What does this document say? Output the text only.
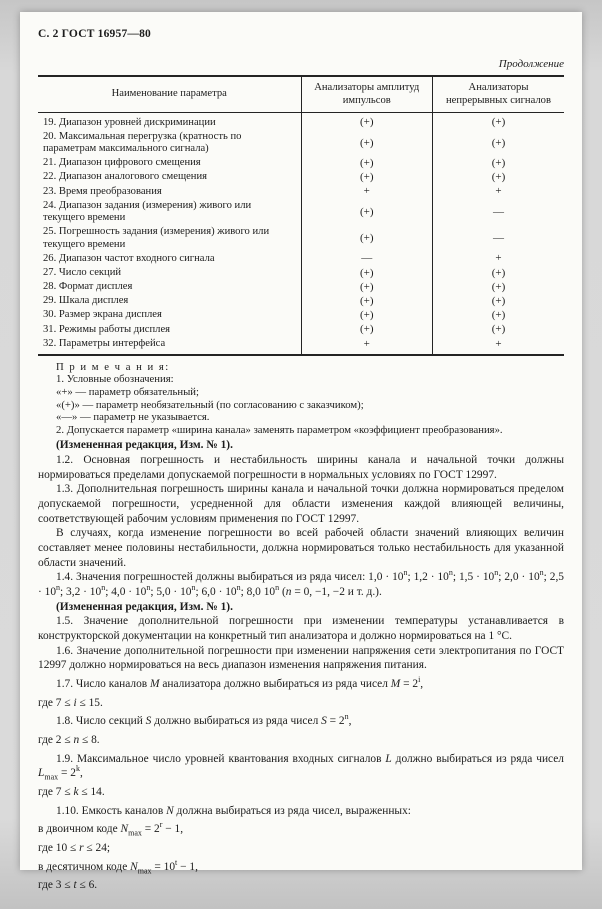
С. 2 ГОСТ 16957—80
Продолжение
Наименование параметра	Анализаторы амплитуд импульсов	Анализаторы непрерывных сигналов
19. Диапазон уровней дискриминации	(+)	(+)
20. Максимальная перегрузка (кратность по параметрам максимального сигнала)	(+)	(+)
21. Диапазон цифрового смещения	(+)	(+)
22. Диапазон аналогового смещения	(+)	(+)
23. Время преобразования	+	+
24. Диапазон задания (измерения) живого или текущего времени	(+)	—
25. Погрешность задания (измерения) живого или текущего времени	(+)	—
26. Диапазон частот входного сигнала	—	+
27. Число секций	(+)	(+)
28. Формат дисплея	(+)	(+)
29. Шкала дисплея	(+)	(+)
30. Размер экрана дисплея	(+)	(+)
31. Режимы работы дисплея	(+)	(+)
32. Параметры интерфейса	+	+

П р и м е ч а н и я:

1. Условные обозначения:

«+» — параметр обязательный;

«(+)» — параметр необязательный (по согласованию с заказчиком);

«—» — параметр не указывается.

2. Допускается параметр «ширина канала» заменять параметром «коэффициент преобразования».

(Измененная редакция, Изм. № 1).

1.2. Основная погрешность и нестабильность ширины канала и начальной точки должны нормироваться пределами допускаемой погрешности в нормальных условиях по ГОСТ 12997.

1.3. Дополнительная погрешность ширины канала и начальной точки должна нормироваться пределом допускаемой погрешности, усредненной для области изменения каждой влияющей величины, соответствующей рабочим условиям применения по ГОСТ 12997.

В случаях, когда изменение погрешности во всей рабочей области значений влияющих величин составляет менее половины нестабильности, должна нормироваться только нестабильность для указанной области значений.

1.4. Значения погрешностей должны выбираться из ряда чисел: $1,0 \cdot 10^n$; $1,2 \cdot 10^n$; $1,5 \cdot 10^n$; $2,0 \cdot 10^n$; $2,5 \cdot 10^n$; $3,2 \cdot 10^n$; $4,0 \cdot 10^n$; $5,0 \cdot 10^n$; $6,0 \cdot 10^n$; 8,0 10$^n$ (n = 0, −1, −2 и т. д.).

(Измененная редакция, Изм. № 1).

1.5. Значение дополнительной погрешности при изменении температуры устанавливается в конструкторской документации на конкретный тип анализатора и должно нормироваться на 1 °С.

1.6. Значение дополнительной погрешности при изменении напряжения сети электропитания по ГОСТ 12997 должно нормироваться на весь диапазон изменения напряжения питания.

1.7. Число каналов M анализатора должно выбираться из ряда чисел $M = 2^i$,

где 7 ≤ i ≤ 15.

1.8. Число секций S должно выбираться из ряда чисел $S = 2^n$,

где 2 ≤ n ≤ 8.

1.9. Максимальное число уровней квантования входных сигналов L должно выбираться из ряда чисел $L_{max} = 2^k$,

где 7 ≤ k ≤ 14.

1.10. Емкость каналов N должна выбираться из ряда чисел, выраженных:

в двоичном коде $N_{max} = 2^r - 1$,

где 10 ≤ r ≤ 24;

в десятичном коде $N_{max} = 10^t - 1$,

где 3 ≤ t ≤ 6.
